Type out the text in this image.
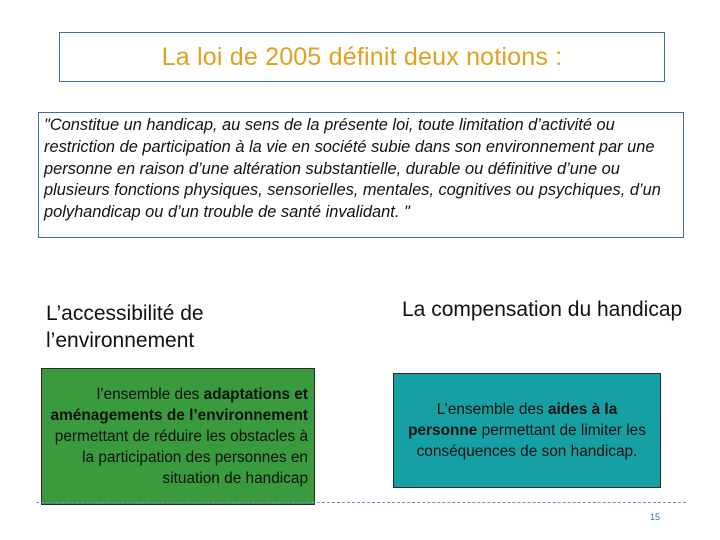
La loi de 2005 définit deux notions :
"Constitue un handicap, au sens de la présente loi, toute limitation d’activité ou restriction de participation à la vie en société subie dans son environnement par une personne en raison d’une altération substantielle, durable ou définitive d’une ou plusieurs fonctions physiques, sensorielles, mentales, cognitives ou psychiques, d’un polyhandicap ou d’un trouble de santé invalidant. "
L’accessibilité de l’environnement
La compensation du handicap
l’ensemble des adaptations et aménagements de l’environnement permettant de réduire les obstacles à la participation des personnes en situation de handicap
L’ensemble des aides à la personne permettant de limiter les conséquences de son handicap.
15
